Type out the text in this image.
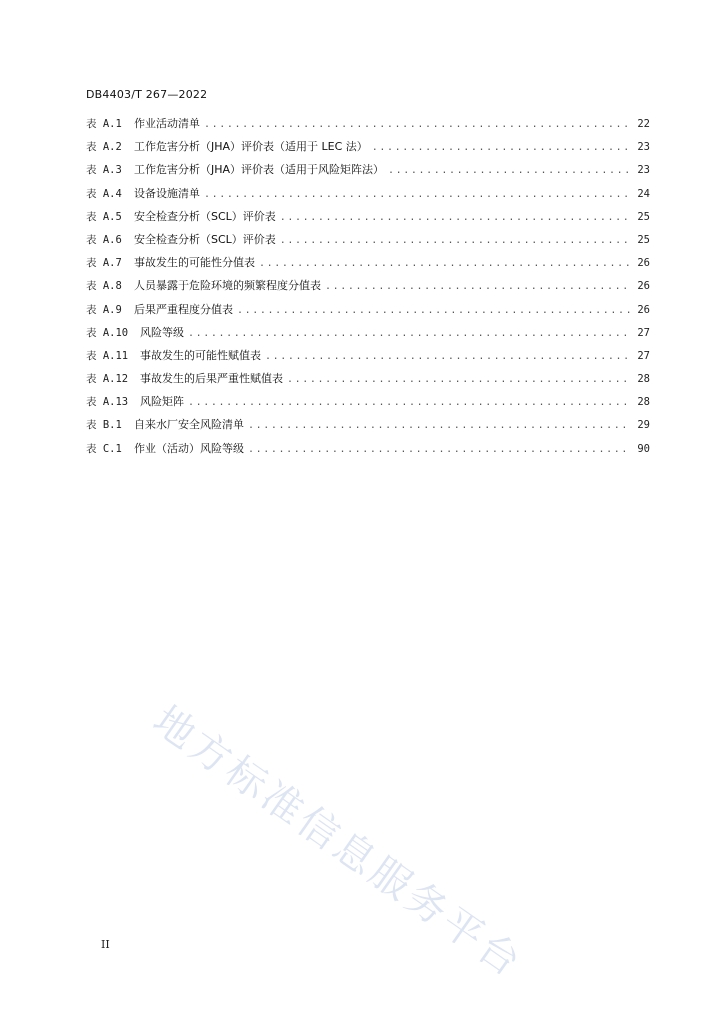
DB4403/T 267—2022
表 A.1	作业活动清单 .....	22
表 A.2	工作危害分析（JHA）评价表（适用于 LEC 法） .....	23
表 A.3	工作危害分析（JHA）评价表（适用于风险矩阵法） .....	23
表 A.4	设备设施清单 .....	24
表 A.5	安全检查分析（SCL）评价表 .....	25
表 A.6	安全检查分析（SCL）评价表 .....	25
表 A.7	事故发生的可能性分值表 .....	26
表 A.8	人员暴露于危险环境的频繁程度分值表 .....	26
表 A.9	后果严重程度分值表 .....	26
表 A.10	风险等级 .....	27
表 A.11	事故发生的可能性赋值表 .....	27
表 A.12	事故发生的后果严重性赋值表 .....	28
表 A.13	风险矩阵 .....	28
表 B.1	自来水厂安全风险清单 .....	29
表 C.1	作业（活动）风险等级 .....	90
地方标准信息服务平台
II
